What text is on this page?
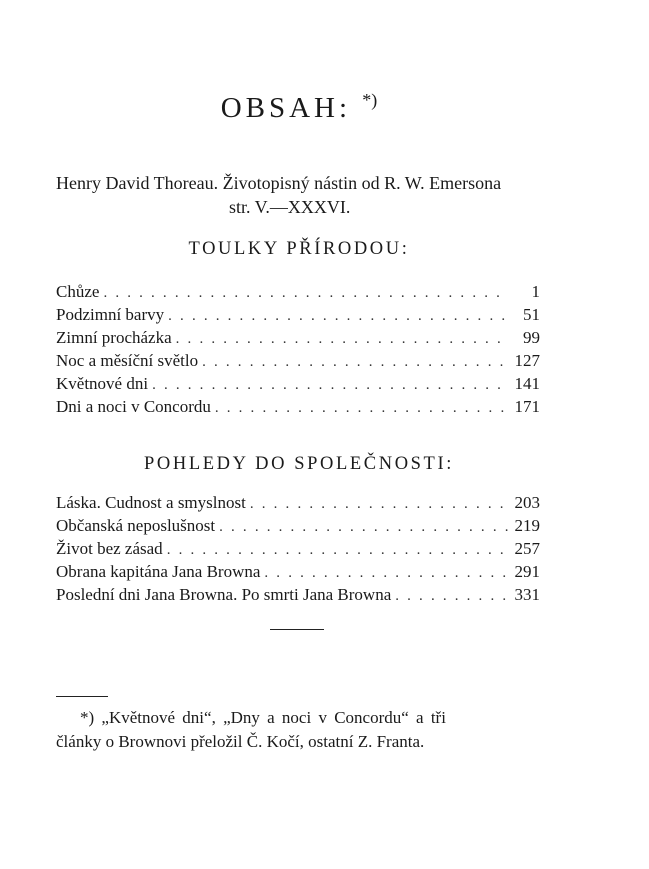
OBSAH: *)
Henry David Thoreau. Životopisný nástin od R. W. Emersona
str. V.—XXXVI.
TOULKY PŘÍRODOU:
Chůze . . .	1
Podzimní barvy . . .	51
Zimní procházka . . .	99
Noc a měsíční světlo . . .	127
Květnové dni . . .	141
Dni a noci v Concordu . . .	171
POHLEDY DO SPOLEČNOSTI:
Láska. Cudnost a smyslnost . . .	203
Občanská neposlušnost . . .	219
Život bez zásad . . .	257
Obrana kapitána Jana Browna . . .	291
Poslední dni Jana Browna. Po smrti Jana Browna . . .	331
*) „Květnové dni“, „Dny a noci v Concordu“ a tři
články o Brownovi přeložil Č. Kočí, ostatní Z. Franta.
